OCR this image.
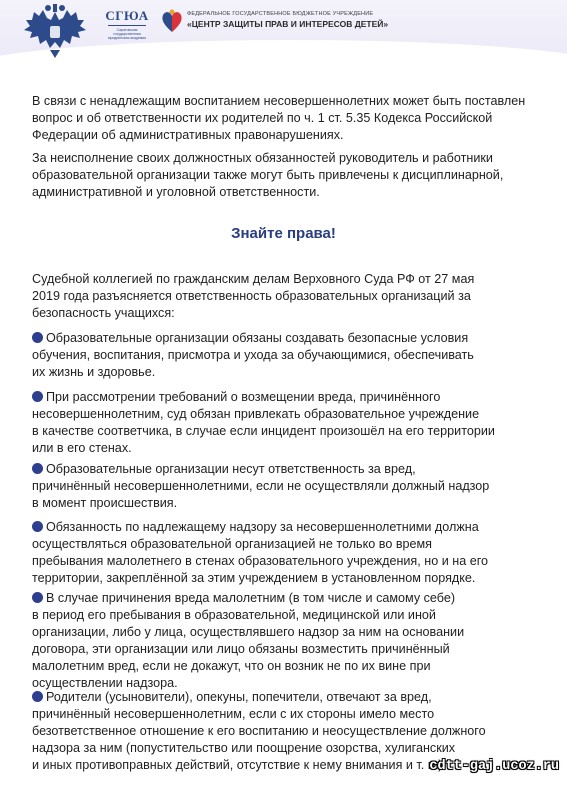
СГЮА
Саратовская государственная юридическая академия
ФЕДЕРАЛЬНОЕ ГОСУДАРСТВЕННОЕ БЮДЖЕТНОЕ УЧРЕЖДЕНИЕ
«ЦЕНТР ЗАЩИТЫ ПРАВ И ИНТЕРЕСОВ ДЕТЕЙ»

В связи с ненадлежащим воспитанием несовершеннолетних может быть поставлен
вопрос и об ответственности их родителей по ч. 1 ст. 5.35 Кодекса Российской
Федерации об административных правонарушениях.

За неисполнение своих должностных обязанностей руководитель и работники
образовательной организации также могут быть привлечены к дисциплинарной,
административной и уголовной ответственности.

Знайте права!

Судебной коллегией по гражданским делам Верховного Суда РФ от 27 мая
2019 года разъясняется ответственность образовательных организаций за
безопасность учащихся:

Образовательные организации обязаны создавать безопасные условия
обучения, воспитания, присмотра и ухода за обучающимися, обеспечивать
их жизнь и здоровье.

При рассмотрении требований о возмещении вреда, причинённого
несовершеннолетним, суд обязан привлекать образовательное учреждение
в качестве соответчика, в случае если инцидент произошёл на его территории
или в его стенах.

Образовательные организации несут ответственность за вред,
причинённый несовершеннолетними, если не осуществляли должный надзор
в момент происшествия.

Обязанность по надлежащему надзору за несовершеннолетними должна
осуществляться образовательной организацией не только во время
пребывания малолетнего в стенах образовательного учреждения, но и на его
территории, закреплённой за этим учреждением в установленном порядке.

В случае причинения вреда малолетним (в том числе и самому себе)
в период его пребывания в образовательной, медицинской или иной
организации, либо у лица, осуществлявшего надзор за ним на основании
договора, эти организации или лицо обязаны возместить причинённый
малолетним вред, если не докажут, что он возник не по их вине при
осуществлении надзора.

Родители (усыновители), опекуны, попечители, отвечают за вред,
причинённый несовершеннолетним, если с их стороны имело место
безответственное отношение к его воспитанию и неосуществление должного
надзора за ним (попустительство или поощрение озорства, хулиганских
и иных противоправных действий, отсутствие к нему внимания и т. п.).

cdtt-gaj.ucoz.ru
